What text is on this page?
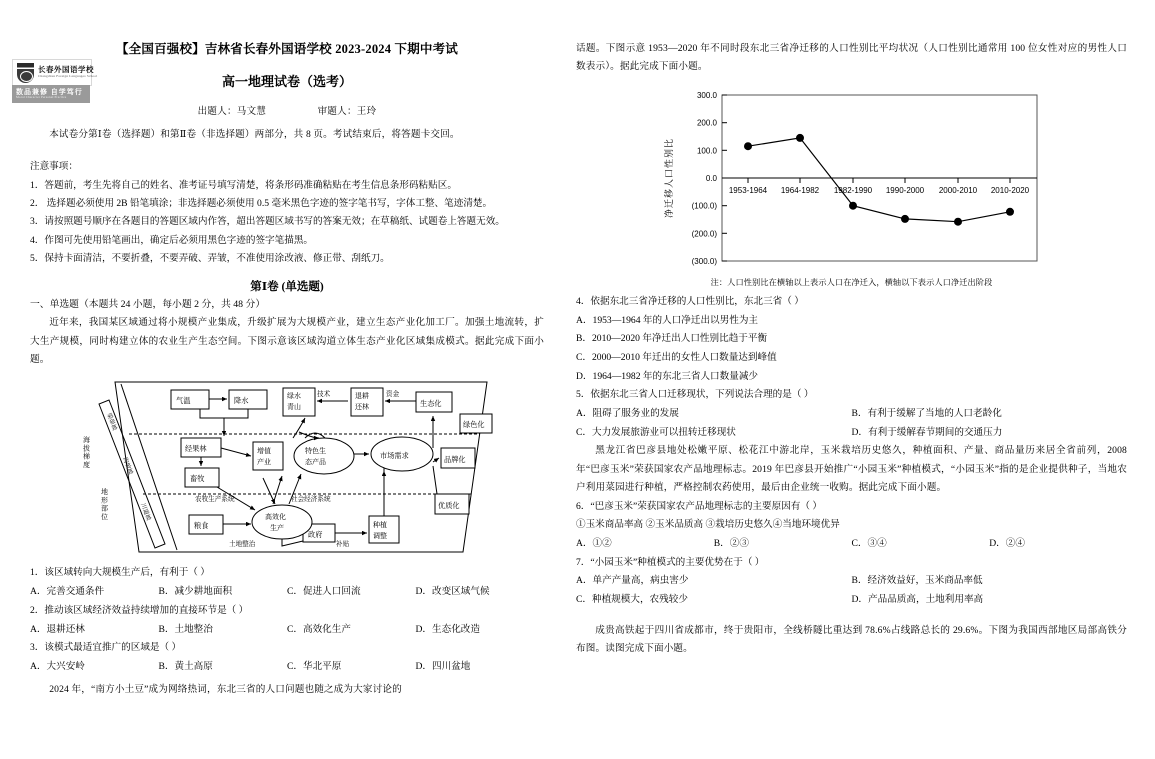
【全国百强校】吉林省长春外国语学校 2023-2024 下期中考试
高一地理试卷（选考）
出题人：马文慧	审题人：王玲

本试卷分第Ⅰ卷（选择题）和第Ⅱ卷（非选择题）两部分，共 8 页。考试结束后，将答题卡交回。

注意事项：

1．答题前，考生先将自己的姓名、准考证号填写清楚，将条形码准确粘贴在考生信息条形码粘贴区。

2． 选择题必须使用 2B 铅笔填涂；非选择题必须使用 0.5 毫米黑色字迹的签字笔书写，字体工整、笔迹清楚。

3．请按照题号顺序在各题目的答题区域内作答，超出答题区域书写的答案无效；在草稿纸、试题卷上答题无效。

4．作图可先使用铅笔画出，确定后必须用黑色字迹的签字笔描黑。

5．保持卡面清洁，不要折叠，不要弄破、弄皱，不准使用涂改液、修正带、刮纸刀。

第Ⅰ卷 (单选题)

一、单选题（本题共 24 小题，每小题 2 分，共 48 分）

近年来，我国某区域通过将小规模产业集成，升级扩展为大规模产业，建立生态产业化加工厂。加强土地流转，扩大生产规模，同时构建立体的农业生产生态空间。下图示意该区域沟道立体生态产业化区域集成模式。据此完成下面小题。

海拔梯度
地形部位
梁峁坡
沟坡坡
川道坡
气温	降水	绿水
青山
退耕
还林	生态化
绿色化
经果林	增值
产业
畜牧
品牌化
优质化
粮食
政府
种植
调整
特色生
态产品
市场需求
高效化
生产
技术	资金
土地整治	补贴
农牧生产系统	社会经济系统

1．该区域转向大规模生产后，有利于（ ）

A．完善交通条件	B．减少耕地面积	C．促进人口回流	D．改变区域气候

2．推动该区域经济效益持续增加的直接环节是（ ）

A．退耕还林	B．土地整治	C．高效化生产	D．生态化改造

3．该模式最适宜推广的区域是（ ）

A．大兴安岭	B．黄土高原	C．华北平原	D．四川盆地

2024 年，“南方小土豆”成为网络热词，东北三省的人口问题也随之成为大家讨论的

话题。下图示意 1953—2020 年不同时段东北三省净迁移的人口性别比平均状况（人口性别比通常用 100 位女性对应的男性人口数表示）。据此完成下面小题。

300.0
200.0
100.0
0.0
(100.0)
(200.0)
(300.0)
净迁移人口性别比	1953-1964 1964-1982 1982-1990 1990-2000 2000-2010 2010-2020

注：人口性别比在横轴以上表示人口在净迁入，横轴以下表示人口净迁出阶段

4．依据东北三省净迁移的人口性别比，东北三省（ ）

A．1953—1964 年的人口净迁出以男性为主

B．2010—2020 年净迁出人口性别比趋于平衡

C．2000—2010 年迁出的女性人口数量达到峰值

D．1964—1982 年的东北三省人口数量减少

5．依据东北三省人口迁移现状，下列说法合理的是（ ）

A．阻碍了服务业的发展	B．有利于缓解了当地的人口老龄化
C．大力发展旅游业可以扭转迁移现状	D．有利于缓解春节期间的交通压力

黑龙江省巴彦县地处松嫩平原、松花江中游北岸，玉米栽培历史悠久，种植面积、产量、商品量历来居全省前列，2008 年“巴彦玉米”荣获国家农产品地理标志。2019 年巴彦县开始推广“小园玉米”种植模式，“小园玉米”指的是企业提供种子，当地农户利用菜园进行种植，严格控制农药使用，最后由企业统一收购。据此完成下面小题。

6．“巴彦玉米”荣获国家农产品地理标志的主要原因有（ ）

①玉米商品率高 ②玉米品质高 ③栽培历史悠久④当地环境优异

A．①②	B．②③	C．③④	D．②④

7．“小园玉米”种植模式的主要优势在于（ ）

A．单产产量高，病虫害少	B．经济效益好，玉米商品率低
C．种植规模大，农残较少	D．产品品质高，土地利用率高

成贵高铁起于四川省成都市，终于贵阳市，全线桥隧比重达到 78.6%占线路总长的 29.6%。下图为我国西部地区局部高铁分布图。读图完成下面小题。

长春外国语学校
Changchun Foreign Languages School
数品兼修 自学笃行
Moral Character Personal Practice
